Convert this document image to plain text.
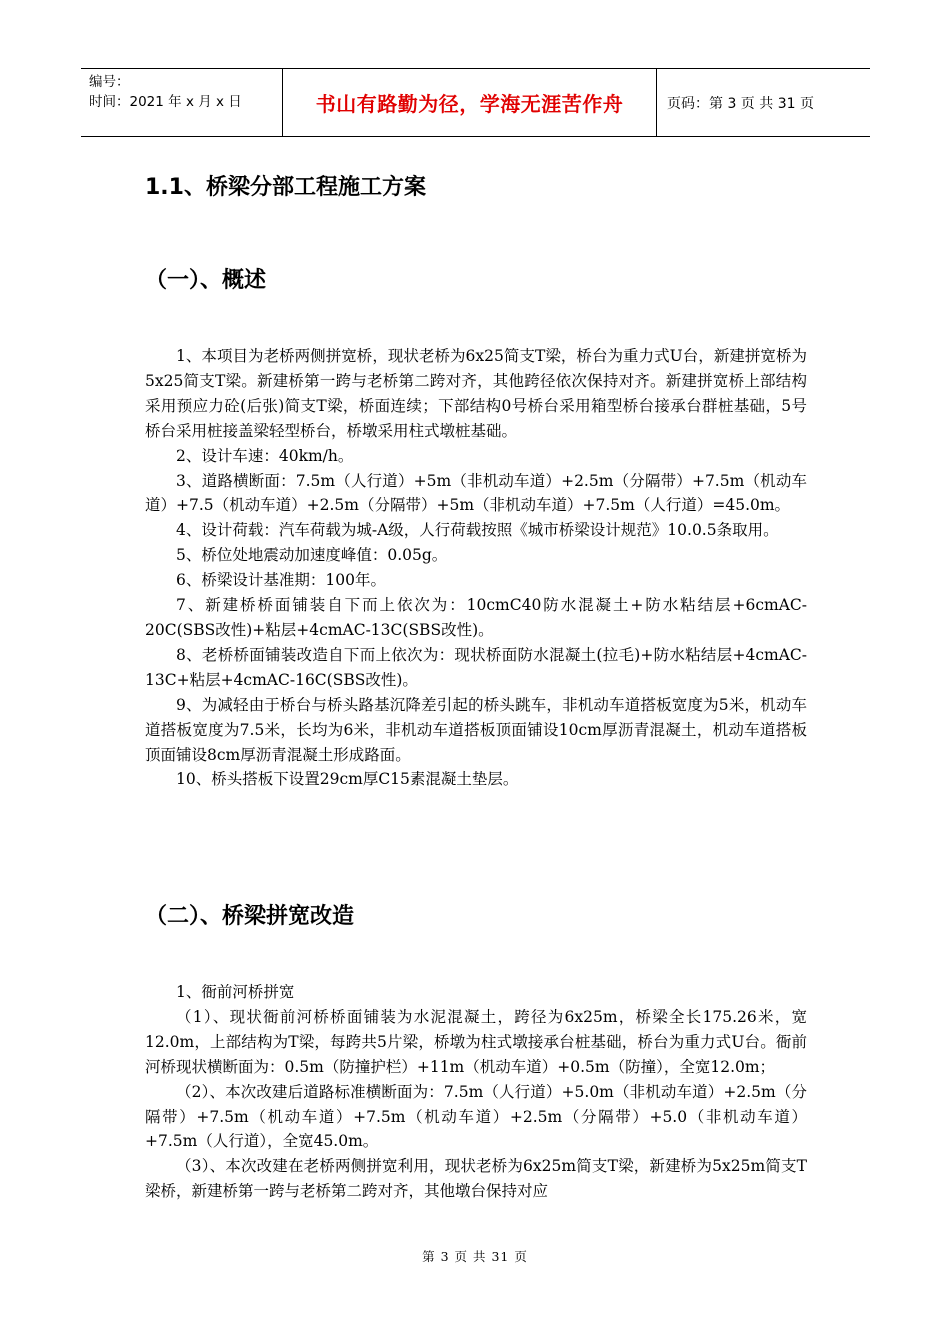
编号：
时间：2021 年 x 月 x 日	书山有路勤为径，学海无涯苦作舟	页码：第 3 页 共 31 页
1.1、桥梁分部工程施工方案
（一）、概述

1、本项目为老桥两侧拼宽桥，现状老桥为6x25简支T梁，桥台为重力式U台，新建拼宽桥为5x25简支T梁。新建桥第一跨与老桥第二跨对齐，其他跨径依次保持对齐。新建拼宽桥上部结构采用预应力砼(后张)简支T梁，桥面连续；下部结构0号桥台采用箱型桥台接承台群桩基础，5号桥台采用桩接盖梁轻型桥台，桥墩采用柱式墩桩基础。

2、设计车速：40km/h。

3、道路横断面：7.5m（人行道）+5m（非机动车道）+2.5m（分隔带）+7.5m（机动车道）+7.5（机动车道）+2.5m（分隔带）+5m（非机动车道）+7.5m（人行道）=45.0m。

4、设计荷载：汽车荷载为城-A级，人行荷载按照《城市桥梁设计规范》10.0.5条取用。

5、桥位处地震动加速度峰值：0.05g。

6、桥梁设计基准期：100年。

7、新建桥桥面铺装自下而上依次为：10cmC40防水混凝土+防水粘结层+6cmAC-20C(SBS改性)+粘层+4cmAC-13C(SBS改性)。

8、老桥桥面铺装改造自下而上依次为：现状桥面防水混凝土(拉毛)+防水粘结层+4cmAC-13C+粘层+4cmAC-16C(SBS改性)。

9、为减轻由于桥台与桥头路基沉降差引起的桥头跳车，非机动车道搭板宽度为5米，机动车道搭板宽度为7.5米，长均为6米，非机动车道搭板顶面铺设10cm厚沥青混凝土，机动车道搭板顶面铺设8cm厚沥青混凝土形成路面。

10、桥头搭板下设置29cm厚C15素混凝土垫层。

（二）、桥梁拼宽改造

1、衙前河桥拼宽

（1）、现状衙前河桥桥面铺装为水泥混凝土，跨径为6x25m，桥梁全长175.26米，宽12.0m，上部结构为T梁，每跨共5片梁，桥墩为柱式墩接承台桩基础，桥台为重力式U台。衙前河桥现状横断面为：0.5m（防撞护栏）+11m（机动车道）+0.5m（防撞），全宽12.0m；

（2）、本次改建后道路标准横断面为：7.5m（人行道）+5.0m（非机动车道）+2.5m（分隔带）+7.5m（机动车道）+7.5m（机动车道）+2.5m（分隔带）+5.0（非机动车道）+7.5m（人行道），全宽45.0m。

（3）、本次改建在老桥两侧拼宽利用，现状老桥为6x25m简支T梁，新建桥为5x25m简支T梁桥，新建桥第一跨与老桥第二跨对齐，其他墩台保持对应

第 3 页 共 31 页
